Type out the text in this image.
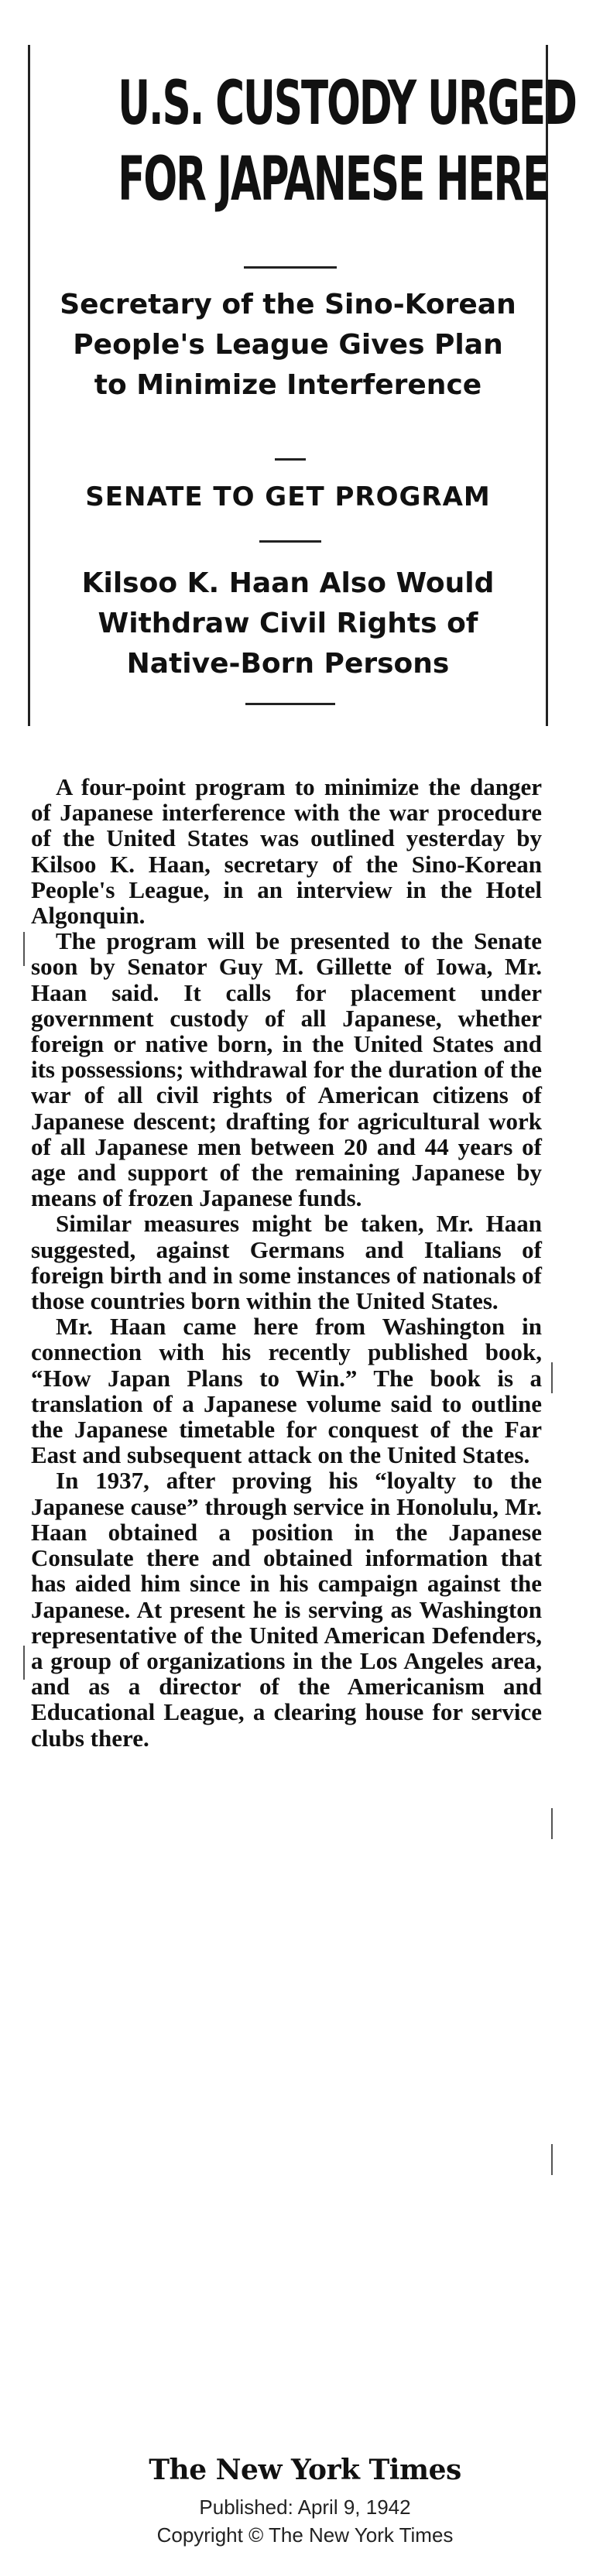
U.S. CUSTODY URGED
FOR JAPANESE HERE
Secretary of the Sino-Korean
People's League Gives Plan
to Minimize Interference
SENATE TO GET PROGRAM
Kilsoo K. Haan Also Would
Withdraw Civil Rights of
Native-Born Persons

A four-point program to minimize the danger of Japanese interference with the war procedure of the United States was outlined yesterday by Kilsoo K. Haan, secretary of the Sino-Korean People's League, in an interview in the Hotel Algonquin.

The program will be presented to the Senate soon by Senator Guy M. Gillette of Iowa, Mr. Haan said. It calls for placement under government custody of all Japanese, whether foreign or native born, in the United States and its possessions; withdrawal for the duration of the war of all civil rights of American citizens of Japanese descent; drafting for agricultural work of all Japanese men between 20 and 44 years of age and support of the remaining Japanese by means of frozen Japanese funds.

Similar measures might be taken, Mr. Haan suggested, against Germans and Italians of foreign birth and in some instances of nationals of those countries born within the United States.

Mr. Haan came here from Washington in connection with his recently published book, “How Japan Plans to Win.” The book is a translation of a Japanese volume said to outline the Japanese timetable for conquest of the Far East and subsequent attack on the United States.

In 1937, after proving his “loyalty to the Japanese cause” through service in Honolulu, Mr. Haan obtained a position in the Japanese Consulate there and obtained information that has aided him since in his campaign against the Japanese. At present he is serving as Washington representative of the United American Defenders, a group of organizations in the Los Angeles area, and as a director of the Americanism and Educational League, a clearing house for service clubs there.

The New York Times
Published: April 9, 1942
Copyright © The New York Times
